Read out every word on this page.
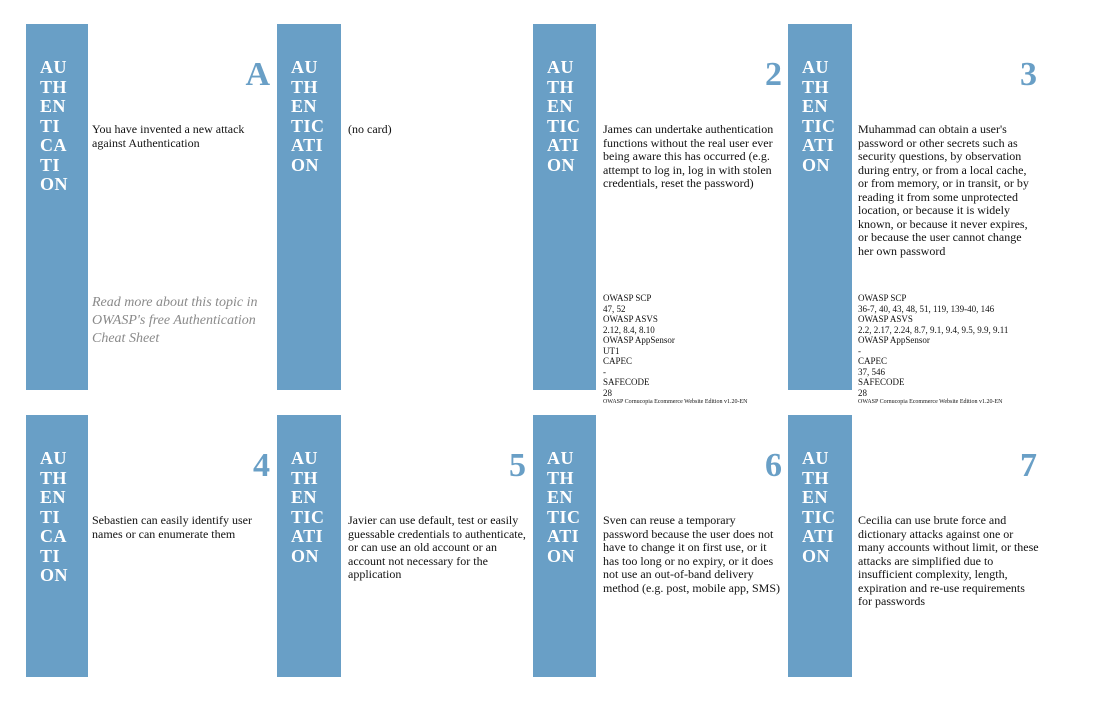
AU
TH
EN
TI
CA
TI
ON
A
You have invented a new attack against Authentication
Read more about this topic in OWASP's free Authentication Cheat Sheet
AU
TH
EN
TIC
ATI
ON
(no card)
AU
TH
EN
TIC
ATI
ON
2
James can undertake authentication functions without the real user ever being aware this has occurred (e.g. attempt to log in, log in with stolen credentials, reset the password)
OWASP SCP
47, 52
OWASP ASVS
2.12, 8.4, 8.10
OWASP AppSensor
UT1
CAPEC
-
SAFECODE
28
OWASP Cornucopia Ecommerce Website Edition v1.20-EN
AU
TH
EN
TIC
ATI
ON
3
Muhammad can obtain a user's password or other secrets such as security questions, by observation during entry, or from a local cache, or from memory, or in transit, or by reading it from some unprotected location, or because it is widely known, or because it never expires, or because the user cannot change her own password
OWASP SCP
36-7, 40, 43, 48, 51, 119, 139-40, 146
OWASP ASVS
2.2, 2.17, 2.24, 8.7, 9.1, 9.4, 9.5, 9.9, 9.11
OWASP AppSensor
-
CAPEC
37, 546
SAFECODE
28
OWASP Cornucopia Ecommerce Website Edition v1.20-EN
AU
TH
EN
TI
CA
TI
ON
4
Sebastien can easily identify user names or can enumerate them
AU
TH
EN
TIC
ATI
ON
5
Javier can use default, test or easily guessable credentials to authenticate, or can use an old account or an account not necessary for the application
AU
TH
EN
TIC
ATI
ON
6
Sven can reuse a temporary password because the user does not have to change it on first use, or it has too long or no expiry, or it does not use an out-of-band delivery method (e.g. post, mobile app, SMS)
AU
TH
EN
TIC
ATI
ON
7
Cecilia can use brute force and dictionary attacks against one or many accounts without limit, or these attacks are simplified due to insufficient complexity, length, expiration and re-use requirements for passwords
